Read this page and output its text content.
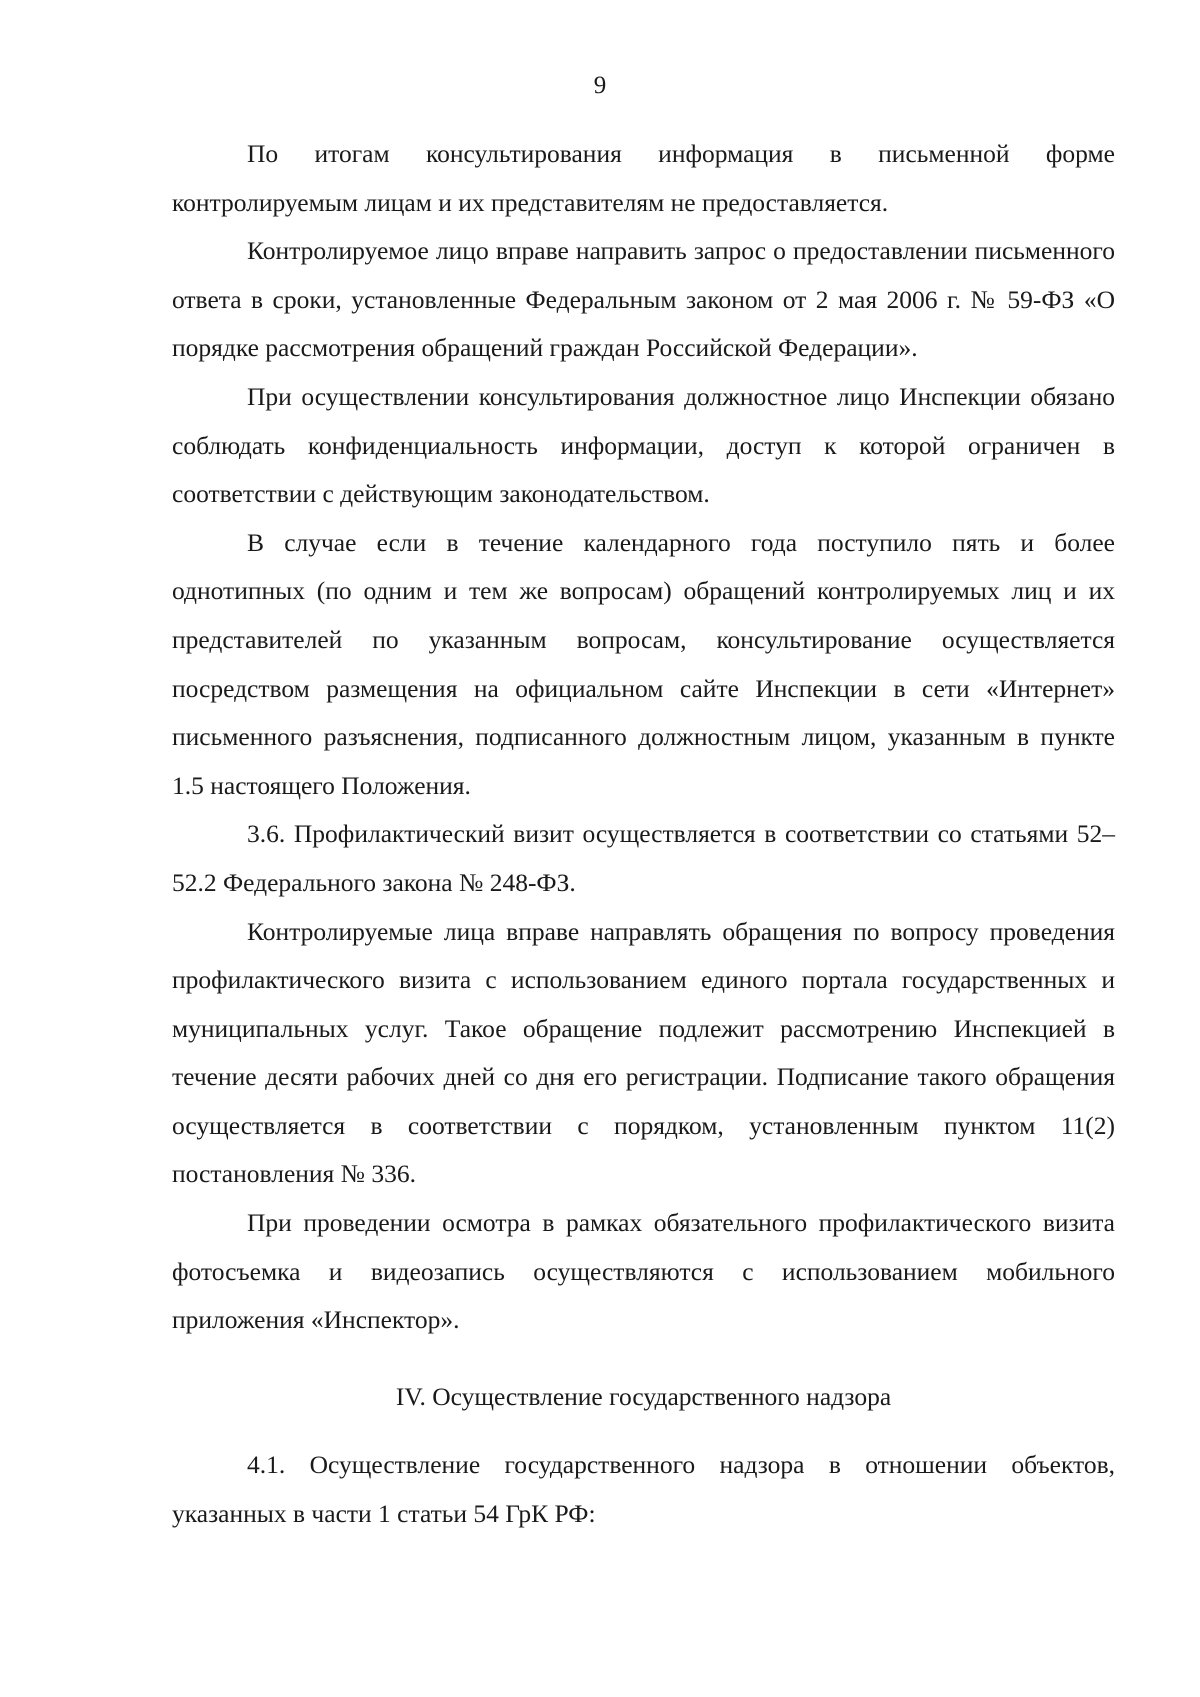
9

По итогам консультирования информация в письменной форме контролируемым лицам и их представителям не предоставляется.

Контролируемое лицо вправе направить запрос о предоставлении письменного ответа в сроки, установленные Федеральным законом от 2 мая 2006 г. № 59-ФЗ «О порядке рассмотрения обращений граждан Российской Федерации».

При осуществлении консультирования должностное лицо Инспекции обязано соблюдать конфиденциальность информации, доступ к которой ограничен в соответствии с действующим законодательством.

В случае если в течение календарного года поступило пять и более однотипных (по одним и тем же вопросам) обращений контролируемых лиц и их представителей по указанным вопросам, консультирование осуществляется посредством размещения на официальном сайте Инспекции в сети «Интернет» письменного разъяснения, подписанного должностным лицом, указанным в пункте 1.5 настоящего Положения.

3.6. Профилактический визит осуществляется в соответствии со статьями 52–52.2 Федерального закона № 248-ФЗ.

Контролируемые лица вправе направлять обращения по вопросу проведения профилактического визита с использованием единого портала государственных и муниципальных услуг. Такое обращение подлежит рассмотрению Инспекцией в течение десяти рабочих дней со дня его регистрации. Подписание такого обращения осуществляется в соответствии с порядком, установленным пунктом 11(2) постановления № 336.

При проведении осмотра в рамках обязательного профилактического визита фотосъемка и видеозапись осуществляются с использованием мобильного приложения «Инспектор».

IV. Осуществление государственного надзора

4.1. Осуществление государственного надзора в отношении объектов, указанных в части 1 статьи 54 ГрК РФ:
